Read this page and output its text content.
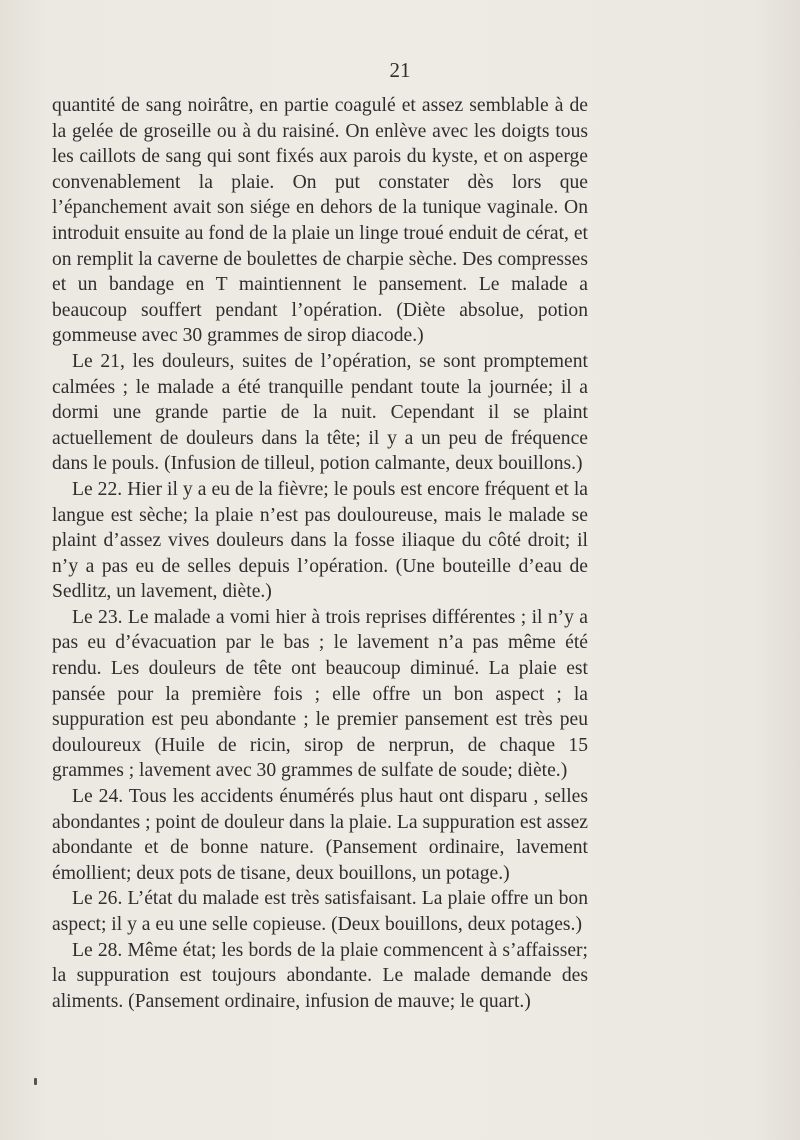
21

quantité de sang noirâtre, en partie coagulé et assez semblable à de la gelée de groseille ou à du raisiné. On enlève avec les doigts tous les caillots de sang qui sont fixés aux parois du kyste, et on asperge convenablement la plaie. On put constater dès lors que l’épanchement avait son siége en dehors de la tunique vaginale. On introduit ensuite au fond de la plaie un linge troué enduit de cérat, et on remplit la caverne de boulettes de charpie sèche. Des compresses et un bandage en T maintiennent le pansement. Le malade a beaucoup souffert pendant l’opération. (Diète absolue, potion gommeuse avec 30 grammes de sirop diacode.)

Le 21, les douleurs, suites de l’opération, se sont promptement calmées ; le malade a été tranquille pendant toute la journée; il a dormi une grande partie de la nuit. Cependant il se plaint actuellement de douleurs dans la tête; il y a un peu de fréquence dans le pouls. (Infusion de tilleul, potion calmante, deux bouillons.)

Le 22. Hier il y a eu de la fièvre; le pouls est encore fréquent et la langue est sèche; la plaie n’est pas douloureuse, mais le malade se plaint d’assez vives douleurs dans la fosse iliaque du côté droit; il n’y a pas eu de selles depuis l’opération. (Une bouteille d’eau de Sedlitz, un lavement, diète.)

Le 23. Le malade a vomi hier à trois reprises différentes ; il n’y a pas eu d’évacuation par le bas ; le lavement n’a pas même été rendu. Les douleurs de tête ont beaucoup diminué. La plaie est pansée pour la première fois ; elle offre un bon aspect ; la suppuration est peu abondante ; le premier pansement est très peu douloureux (Huile de ricin, sirop de nerprun, de chaque 15 grammes ; lavement avec 30 grammes de sulfate de soude; diète.)

Le 24. Tous les accidents énumérés plus haut ont disparu , selles abondantes ; point de douleur dans la plaie. La suppuration est assez abondante et de bonne nature. (Pansement ordinaire, lavement émollient; deux pots de tisane, deux bouillons, un potage.)

Le 26. L’état du malade est très satisfaisant. La plaie offre un bon aspect; il y a eu une selle copieuse. (Deux bouillons, deux potages.)

Le 28. Même état; les bords de la plaie commencent à s’affaisser; la suppuration est toujours abondante. Le malade demande des aliments. (Pansement ordinaire, infusion de mauve; le quart.)
